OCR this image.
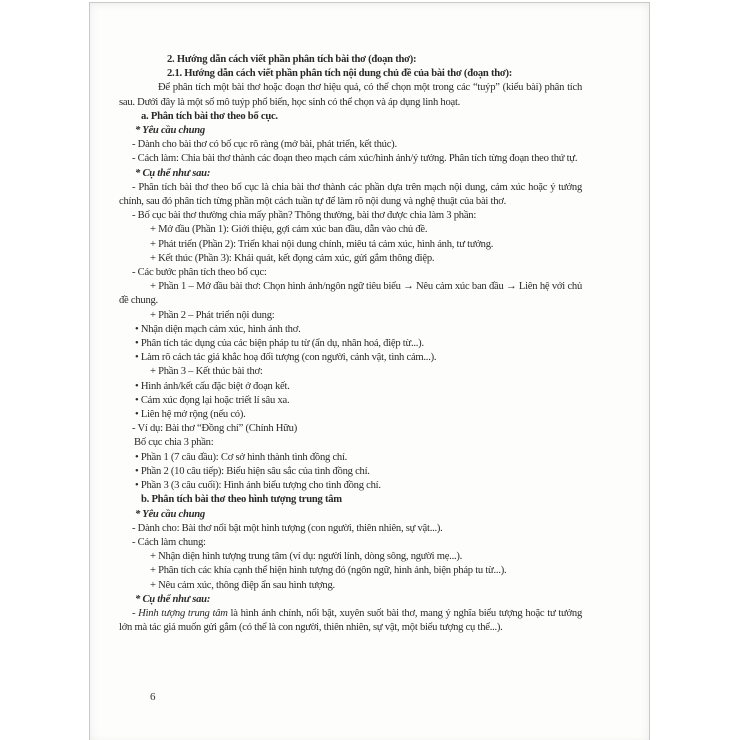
2. Hướng dẫn cách viết phần phân tích bài thơ (đoạn thơ):

2.1. Hướng dẫn cách viết phần phân tích nội dung chủ đề của bài thơ (đoạn thơ):

Để phân tích một bài thơ hoặc đoạn thơ hiệu quả, có thể chọn một trong các “tuýp” (kiểu bài) phân tích sau. Dưới đây là một số mô tuýp phổ biến, học sinh có thể chọn và áp dụng linh hoạt.

a. Phân tích bài thơ theo bố cục.

* Yêu cầu chung

- Dành cho bài thơ có bố cục rõ ràng (mở bài, phát triển, kết thúc).

- Cách làm: Chia bài thơ thành các đoạn theo mạch cảm xúc/hình ảnh/ý tưởng. Phân tích từng đoạn theo thứ tự.

* Cụ thể như sau:

- Phân tích bài thơ theo bố cục là chia bài thơ thành các phần dựa trên mạch nội dung, cảm xúc hoặc ý tưởng chính, sau đó phân tích từng phần một cách tuần tự để làm rõ nội dung và nghệ thuật của bài thơ.

- Bố cục bài thơ thường chia mấy phần? Thông thường, bài thơ được chia làm 3 phần:

+ Mở đầu (Phần 1): Giới thiệu, gợi cảm xúc ban đầu, dẫn vào chủ đề.

+ Phát triển (Phần 2): Triển khai nội dung chính, miêu tả cảm xúc, hình ảnh, tư tưởng.

+ Kết thúc (Phần 3): Khái quát, kết đọng cảm xúc, gửi gắm thông điệp.

- Các bước phân tích theo bố cục:

+ Phần 1 – Mở đầu bài thơ: Chọn hình ảnh/ngôn ngữ tiêu biểu → Nêu cảm xúc ban đầu → Liên hệ với chủ đề chung.

+ Phần 2 – Phát triển nội dung:

• Nhận diện mạch cảm xúc, hình ảnh thơ.

• Phân tích tác dụng của các biện pháp tu từ (ẩn dụ, nhân hoá, điệp từ...).

• Làm rõ cách tác giả khắc hoạ đối tượng (con người, cảnh vật, tình cảm...).

+ Phần 3 – Kết thúc bài thơ:

• Hình ảnh/kết cấu đặc biệt ở đoạn kết.

• Cảm xúc đọng lại hoặc triết lí sâu xa.

• Liên hệ mở rộng (nếu có).

- Ví dụ: Bài thơ “Đồng chí” (Chính Hữu)

Bố cục chia 3 phần:

• Phần 1 (7 câu đầu): Cơ sở hình thành tình đồng chí.

• Phần 2 (10 câu tiếp): Biểu hiện sâu sắc của tình đồng chí.

• Phần 3 (3 câu cuối): Hình ảnh biểu tượng cho tình đồng chí.

b. Phân tích bài thơ theo hình tượng trung tâm

* Yêu cầu chung

- Dành cho: Bài thơ nổi bật một hình tượng (con người, thiên nhiên, sự vật...).

- Cách làm chung:

+ Nhận diện hình tượng trung tâm (ví dụ: người lính, dòng sông, người mẹ...).

+ Phân tích các khía cạnh thể hiện hình tượng đó (ngôn ngữ, hình ảnh, biện pháp tu từ...).

+ Nêu cảm xúc, thông điệp ẩn sau hình tượng.

* Cụ thể như sau:

- Hình tượng trung tâm là hình ảnh chính, nổi bật, xuyên suốt bài thơ, mang ý nghĩa biểu tượng hoặc tư tưởng lớn mà tác giả muốn gửi gắm (có thể là con người, thiên nhiên, sự vật, một biểu tượng cụ thể...).

6
